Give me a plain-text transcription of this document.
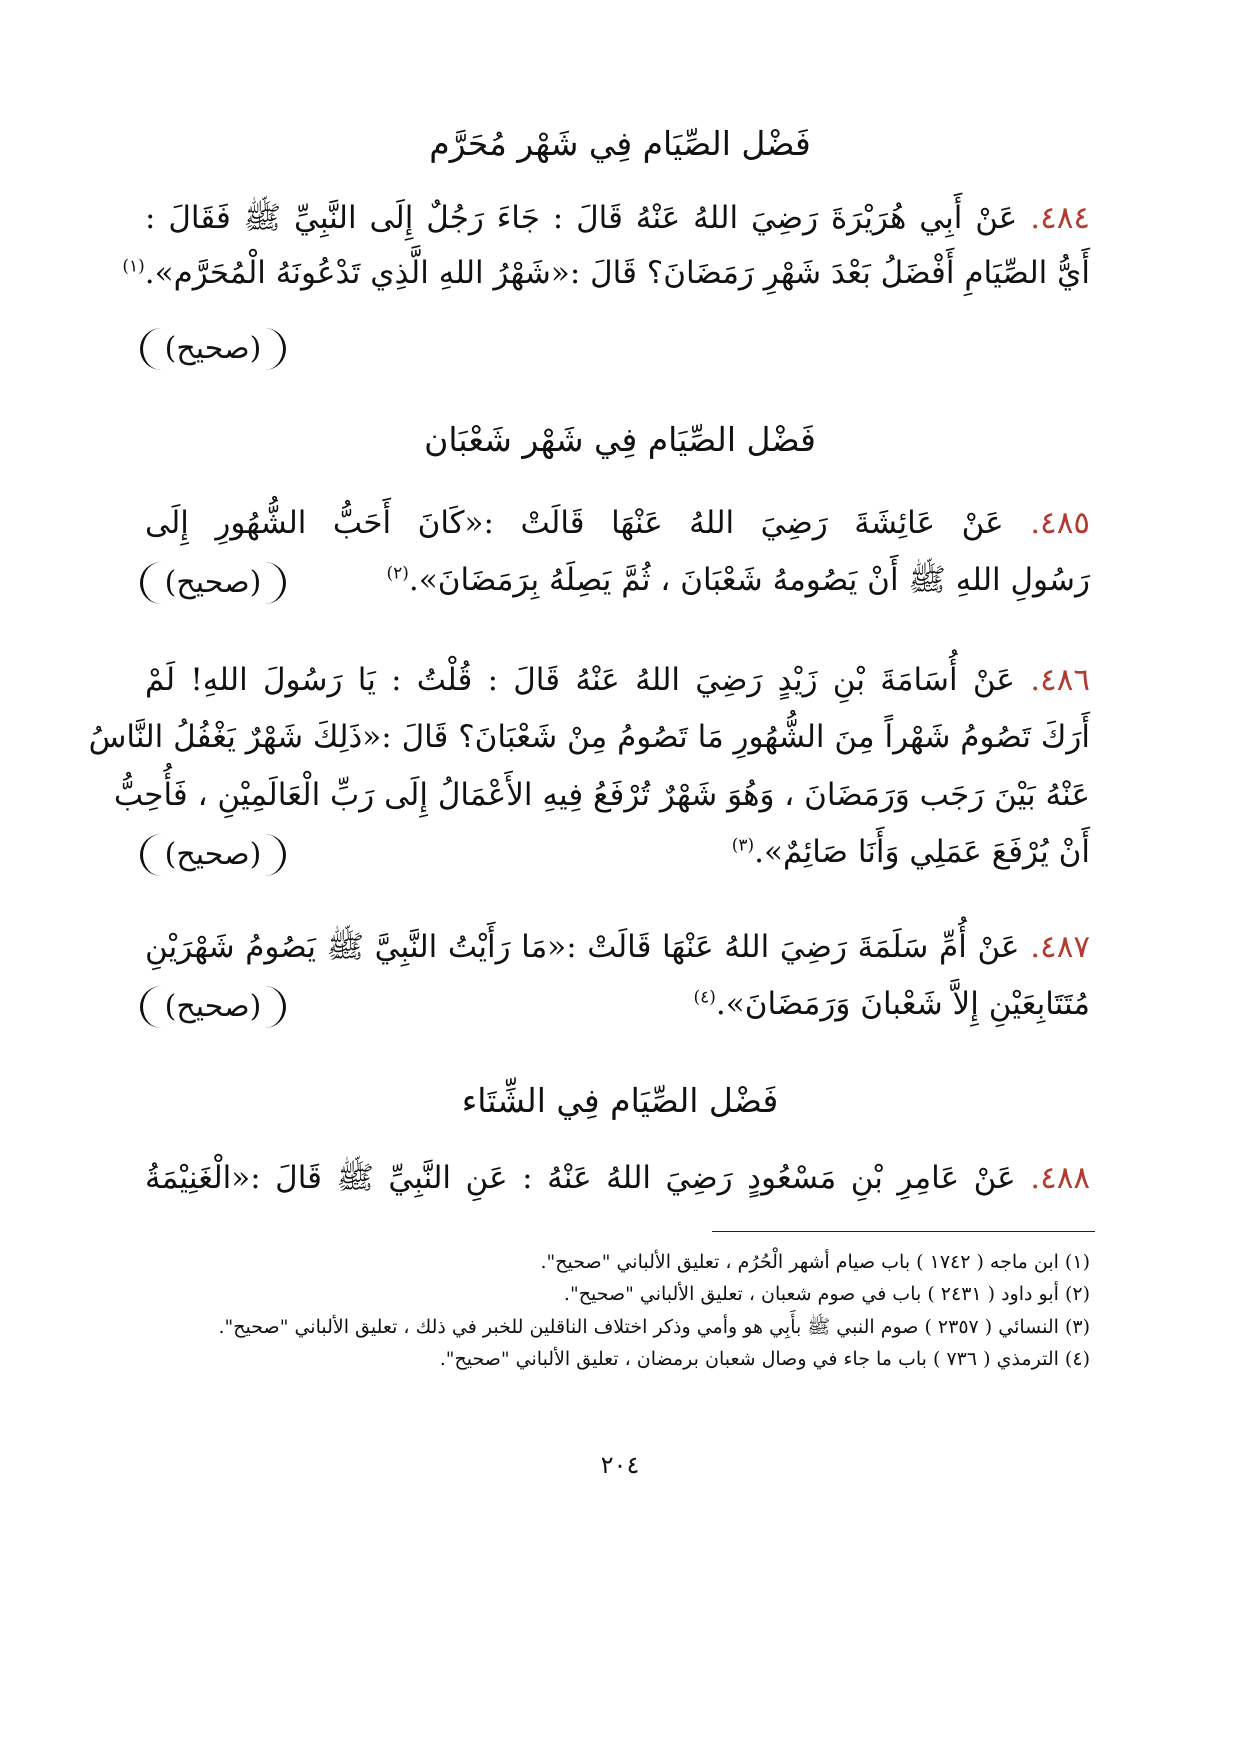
فَضْل الصِّيَام فِي شَهْر مُحَرَّم
٤٨٤. عَنْ أَبِي هُرَيْرَةَ رَضِيَ اللهُ عَنْهُ قَالَ : جَاءَ رَجُلٌ إِلَى النَّبِيِّ ﷺ فَقَالَ :
أَيُّ الصِّيَامِ أَفْضَلُ بَعْدَ شَهْرِ رَمَضَانَ؟ قَالَ :«شَهْرُ اللهِ الَّذِي تَدْعُونَهُ الْمُحَرَّم».$^{(١)}$
(صحيح)
فَضْل الصِّيَام فِي شَهْر شَعْبَان
٤٨٥. عَنْ عَائِشَةَ رَضِيَ اللهُ عَنْهَا قَالَتْ :«كَانَ أَحَبُّ الشُّهُورِ إِلَى
رَسُولِ اللهِ ﷺ أَنْ يَصُومهُ شَعْبَانَ ، ثُمَّ يَصِلَهُ بِرَمَضَانَ».$^{(٢)}$
(صحيح)
٤٨٦. عَنْ أُسَامَةَ بْنِ زَيْدٍ رَضِيَ اللهُ عَنْهُ قَالَ : قُلْتُ : يَا رَسُولَ اللهِ! لَمْ
أَرَكَ تَصُومُ شَهْراً مِنَ الشُّهُورِ مَا تَصُومُ مِنْ شَعْبَانَ؟ قَالَ :«ذَلِكَ شَهْرٌ يَغْفُلُ النَّاسُ
عَنْهُ بَيْنَ رَجَب وَرَمَضَانَ ، وَهُوَ شَهْرٌ تُرْفَعُ فِيهِ الأَعْمَالُ إِلَى رَبِّ الْعَالَمِيْنِ ، فَأُحِبُّ
أَنْ يُرْفَعَ عَمَلِي وَأَنَا صَائِمٌ».$^{(٣)}$
(صحيح)
٤٨٧. عَنْ أُمِّ سَلَمَةَ رَضِيَ اللهُ عَنْهَا قَالَتْ :«مَا رَأَيْتُ النَّبِيَّ ﷺ يَصُومُ شَهْرَيْنِ
مُتَتَابِعَيْنِ إِلاَّ شَعْبانَ وَرَمَضَانَ».$^{(٤)}$
(صحيح)
فَضْل الصِّيَام فِي الشِّتَاء
٤٨٨. عَنْ عَامِرِ بْنِ مَسْعُودٍ رَضِيَ اللهُ عَنْهُ : عَنِ النَّبِيِّ ﷺ قَالَ :«الْغَنِيْمَةُ
(١) ابن ماجه ( ١٧٤٢ ) باب صيام أشهر الْحُرُم ، تعليق الألباني "صحيح".
(٢) أبو داود ( ٢٤٣١ ) باب في صوم شعبان ، تعليق الألباني "صحيح".
(٣) النسائي ( ٢٣٥٧ ) صوم النبي ﷺ بأَبِي هو وأمي وذكر اختلاف الناقلين للخبر في ذلك ، تعليق الألباني "صحيح".
(٤) الترمذي ( ٧٣٦ ) باب ما جاء في وصال شعبان برمضان ، تعليق الألباني "صحيح".
٢٠٤
